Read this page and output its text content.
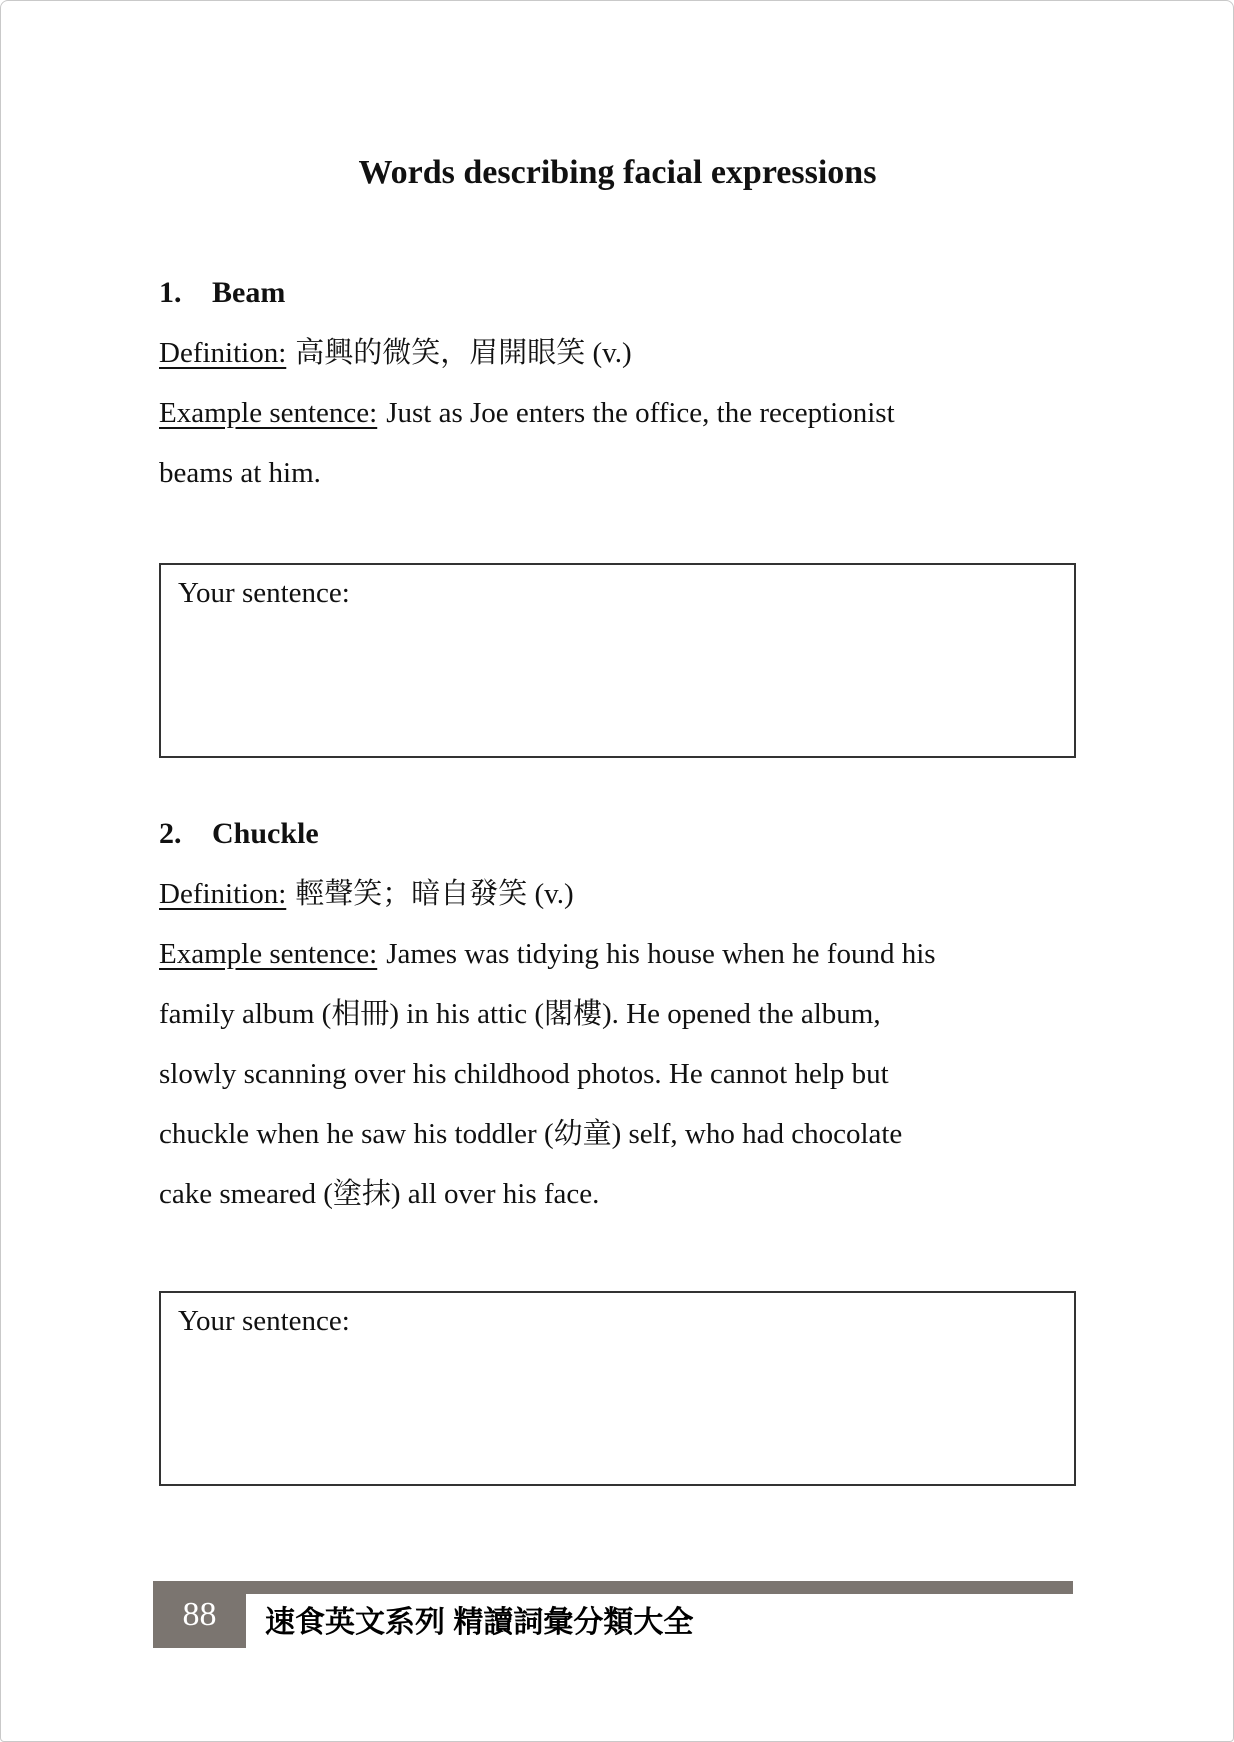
Words describing facial expressions
1.	Beam
Definition: 高興的微笑，眉開眼笑 (v.)
Example sentence: Just as Joe enters the office, the receptionist
beams at him.
Your sentence:
2.	Chuckle
Definition: 輕聲笑；暗自發笑 (v.)
Example sentence: James was tidying his house when he found his
family album (相冊) in his attic (閣樓). He opened the album,
slowly scanning over his childhood photos. He cannot help but
chuckle when he saw his toddler (幼童) self, who had chocolate
cake smeared (塗抹) all over his face.
Your sentence:
88 速食英文系列 精讀詞彙分類大全
